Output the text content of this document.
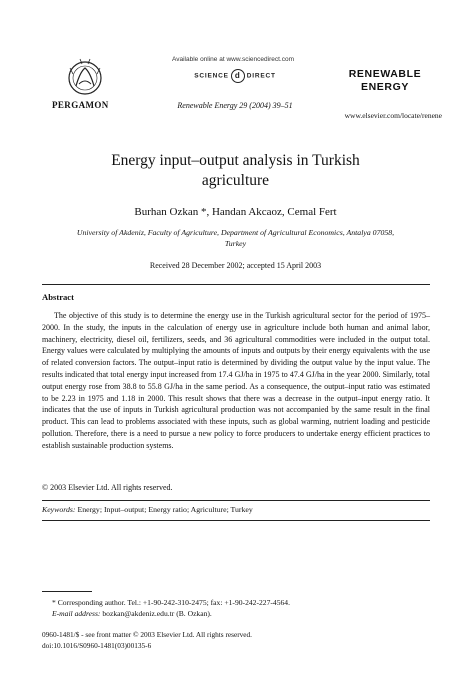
PERGAMON
Available online at www.sciencedirect.com
SCIENCE d DIRECT
Renewable Energy 29 (2004) 39–51
RENEWABLE
ENERGY
www.elsevier.com/locate/renene
Energy input–output analysis in Turkish
agriculture
Burhan Ozkan *, Handan Akcaoz, Cemal Fert
University of Akdeniz, Faculty of Agriculture, Department of Agricultural Economics, Antalya 07058,
Turkey
Received 28 December 2002; accepted 15 April 2003
Abstract

The objective of this study is to determine the energy use in the Turkish agricultural sector for the period of 1975–2000. In the study, the inputs in the calculation of energy use in agriculture include both human and animal labor, machinery, electricity, diesel oil, fertilizers, seeds, and 36 agricultural commodities were included in the output total. Energy values were calculated by multiplying the amounts of inputs and outputs by their energy equivalents with the use of related conversion factors. The output–input ratio is determined by dividing the output value by the input value. The results indicated that total energy input increased from 17.4 GJ/ha in 1975 to 47.4 GJ/ha in the year 2000. Similarly, total output energy rose from 38.8 to 55.8 GJ/ha in the same period. As a consequence, the output–input ratio was estimated to be 2.23 in 1975 and 1.18 in 2000. This result shows that there was a decrease in the output–input energy ratio. It indicates that the use of inputs in Turkish agricultural production was not accompanied by the same result in the final product. This can lead to problems associated with these inputs, such as global warming, nutrient loading and pesticide pollution. Therefore, there is a need to pursue a new policy to force producers to undertake energy efficient practices to establish sustainable production systems.

© 2003 Elsevier Ltd. All rights reserved.
Keywords: Energy; Input–output; Energy ratio; Agriculture; Turkey
* Corresponding author. Tel.: +1-90-242-310-2475; fax: +1-90-242-227-4564.
E-mail address: bozkan@akdeniz.edu.tr (B. Ozkan).
0960-1481/$ - see front matter © 2003 Elsevier Ltd. All rights reserved.
doi:10.1016/S0960-1481(03)00135-6
